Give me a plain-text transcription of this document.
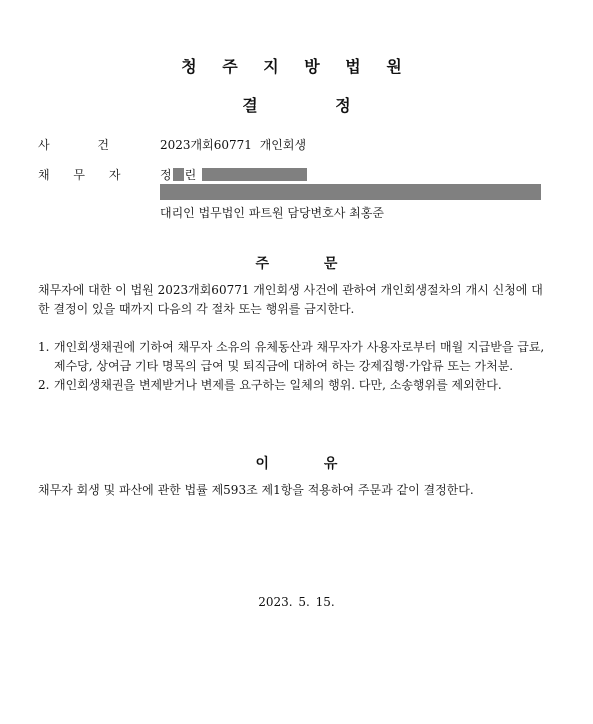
청 주 지 방 법 원
결 정
사 건	2023개회60771 개인회생
채 무 자	정 린
대리인 법무법인 파트원 담당변호사 최홍준
주 문
채무자에 대한 이 법원 2023개회60771 개인회생 사건에 관하여 개인회생절차의 개시 신청에 대한 결정이 있을 때까지 다음의 각 절차 또는 행위를 금지한다.
1. 개인회생채권에 기하여 채무자 소유의 유체동산과 채무자가 사용자로부터 매월 지급받을 급료, 제수당, 상여금 기타 명목의 급여 및 퇴직금에 대하여 하는 강제집행·가압류 또는 가처분.
2. 개인회생채권을 변제받거나 변제를 요구하는 일체의 행위. 다만, 소송행위를 제외한다.
이 유
채무자 회생 및 파산에 관한 법률 제593조 제1항을 적용하여 주문과 같이 결정한다.
2023. 5. 15.
